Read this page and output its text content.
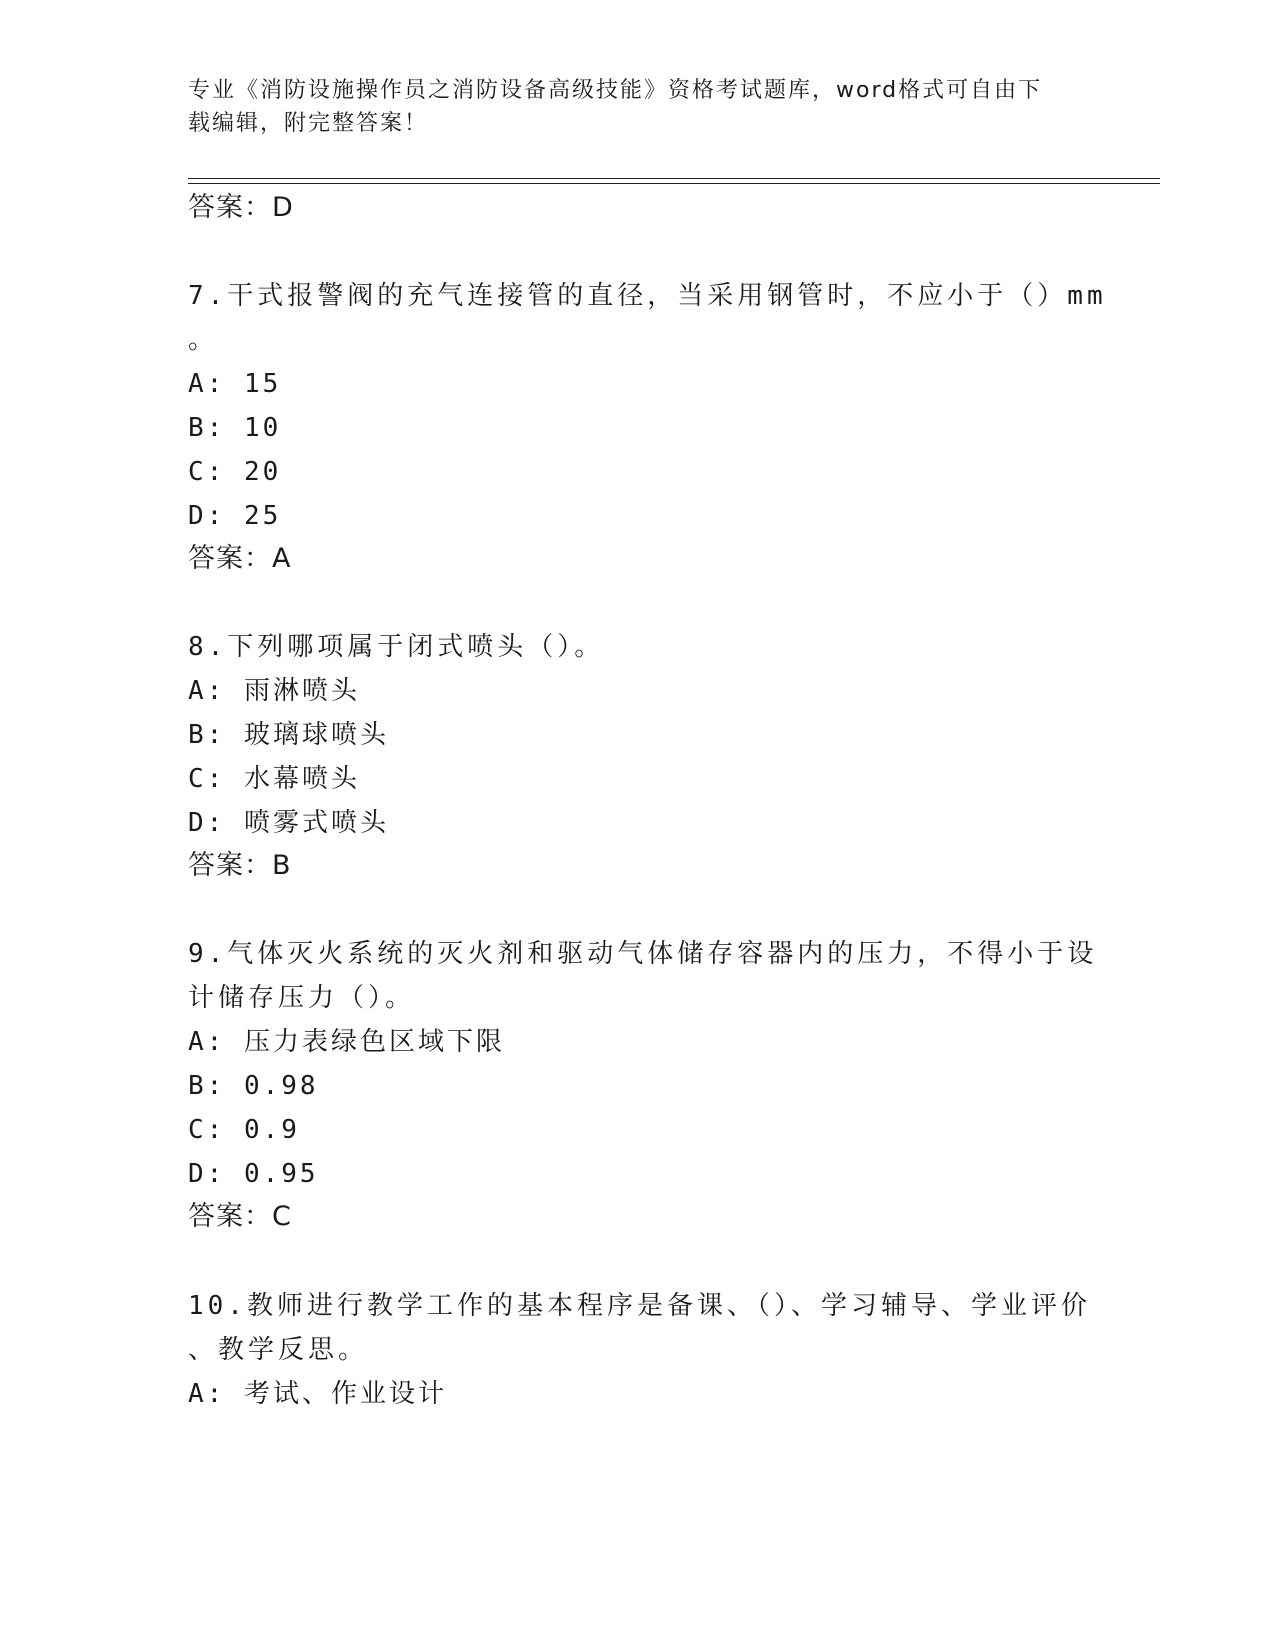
专业《消防设施操作员之消防设备高级技能》资格考试题库，word格式可自由下
载编辑，附完整答案！
答案：D
7.干式报警阀的充气连接管的直径，当采用钢管时，不应小于（）mm
。
A: 15
B: 10
C: 20
D: 25
答案：A
8.下列哪项属于闭式喷头（）。
A: 雨淋喷头
B: 玻璃球喷头
C: 水幕喷头
D: 喷雾式喷头
答案：B
9.气体灭火系统的灭火剂和驱动气体储存容器内的压力，不得小于设
计储存压力（）。
A: 压力表绿色区域下限
B: 0.98
C: 0.9
D: 0.95
答案：C
10.教师进行教学工作的基本程序是备课、（）、学习辅导、学业评价
、教学反思。
A: 考试、作业设计
